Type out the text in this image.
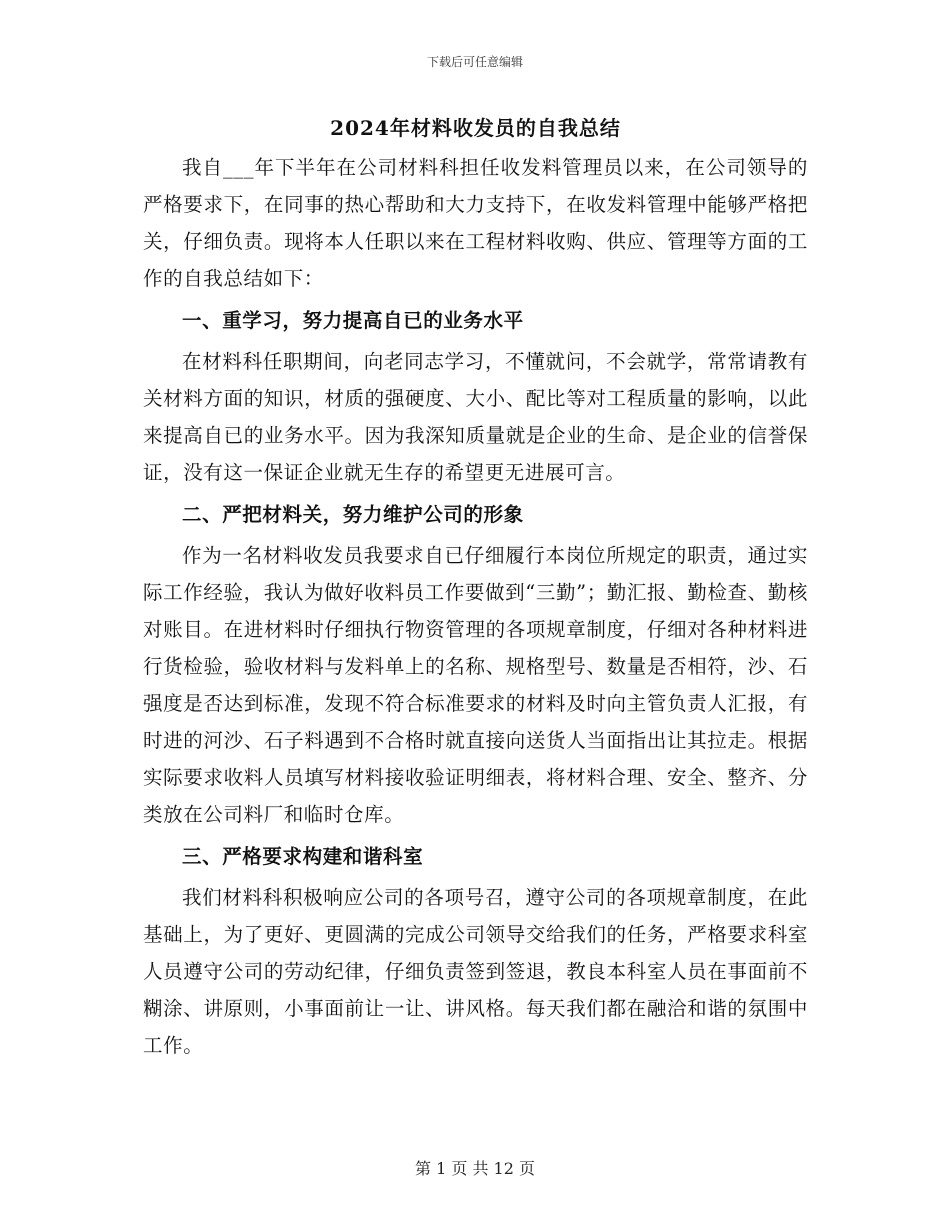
下载后可任意编辑
2024年材料收发员的自我总结

我自___年下半年在公司材料科担任收发料管理员以来，在公司领导的严格要求下，在同事的热心帮助和大力支持下，在收发料管理中能够严格把关，仔细负责。现将本人任职以来在工程材料收购、供应、管理等方面的工作的自我总结如下：

一、重学习，努力提高自已的业务水平

在材料科任职期间，向老同志学习，不懂就问，不会就学，常常请教有关材料方面的知识，材质的强硬度、大小、配比等对工程质量的影响，以此来提高自已的业务水平。因为我深知质量就是企业的生命、是企业的信誉保证，没有这一保证企业就无生存的希望更无进展可言。

二、严把材料关，努力维护公司的形象

作为一名材料收发员我要求自已仔细履行本岗位所规定的职责，通过实际工作经验，我认为做好收料员工作要做到“三勤”；勤汇报、勤检查、勤核对账目。在进材料时仔细执行物资管理的各项规章制度，仔细对各种材料进行货检验，验收材料与发料单上的名称、规格型号、数量是否相符，沙、石强度是否达到标准，发现不符合标准要求的材料及时向主管负责人汇报，有时进的河沙、石子料遇到不合格时就直接向送货人当面指出让其拉走。根据实际要求收料人员填写材料接收验证明细表，将材料合理、安全、整齐、分类放在公司料厂和临时仓库。

三、严格要求构建和谐科室

我们材料科积极响应公司的各项号召，遵守公司的各项规章制度，在此基础上，为了更好、更圆满的完成公司领导交给我们的任务，严格要求科室人员遵守公司的劳动纪律，仔细负责签到签退，教良本科室人员在事面前不糊涂、讲原则，小事面前让一让、讲风格。每天我们都在融洽和谐的氛围中工作。

第 1 页 共 12 页
